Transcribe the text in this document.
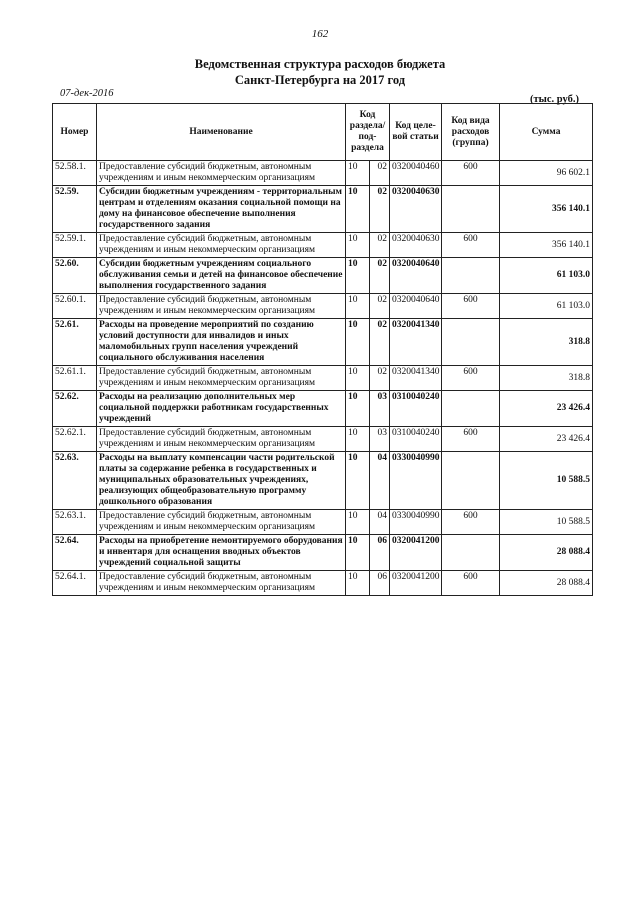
162
Ведомственная структура расходов бюджета
Санкт-Петербурга на 2017 год
07-дек-2016
(тыс. руб.)
Номер	Наименование	Код раздела/ под-раздела		Код целе-вой статьи	Код вида расходов (группа)	Сумма
52.58.1.	Предоставление субсидий бюджетным, автономным учреждениям и иным некоммерческим организациям	10	02	0320040460	600	96 602.1
52.59.	Субсидии бюджетным учреждениям - территориальным центрам и отделениям оказания социальной помощи на дому на финансовое обеспечение выполнения государственного задания	10	02	0320040630		356 140.1
52.59.1.	Предоставление субсидий бюджетным, автономным учреждениям и иным некоммерческим организациям	10	02	0320040630	600	356 140.1
52.60.	Субсидии бюджетным учреждениям социального обслуживания семьи и детей на финансовое обеспечение выполнения государственного задания	10	02	0320040640		61 103.0
52.60.1.	Предоставление субсидий бюджетным, автономным учреждениям и иным некоммерческим организациям	10	02	0320040640	600	61 103.0
52.61.	Расходы на проведение мероприятий по созданию условий доступности для инвалидов и иных маломобильных групп населения учреждений социального обслуживания населения	10	02	0320041340		318.8
52.61.1.	Предоставление субсидий бюджетным, автономным учреждениям и иным некоммерческим организациям	10	02	0320041340	600	318.8
52.62.	Расходы на реализацию дополнительных мер социальной поддержки работникам государственных учреждений	10	03	0310040240		23 426.4
52.62.1.	Предоставление субсидий бюджетным, автономным учреждениям и иным некоммерческим организациям	10	03	0310040240	600	23 426.4
52.63.	Расходы на выплату компенсации части родительской платы за содержание ребенка в государственных и муниципальных образовательных учреждениях, реализующих общеобразовательную программу дошкольного образования	10	04	0330040990		10 588.5
52.63.1.	Предоставление субсидий бюджетным, автономным учреждениям и иным некоммерческим организациям	10	04	0330040990	600	10 588.5
52.64.	Расходы на приобретение немонтируемого оборудования и инвентаря для оснащения вводных объектов учреждений социальной защиты	10	06	0320041200		28 088.4
52.64.1.	Предоставление субсидий бюджетным, автономным учреждениям и иным некоммерческим организациям	10	06	0320041200	600	28 088.4
